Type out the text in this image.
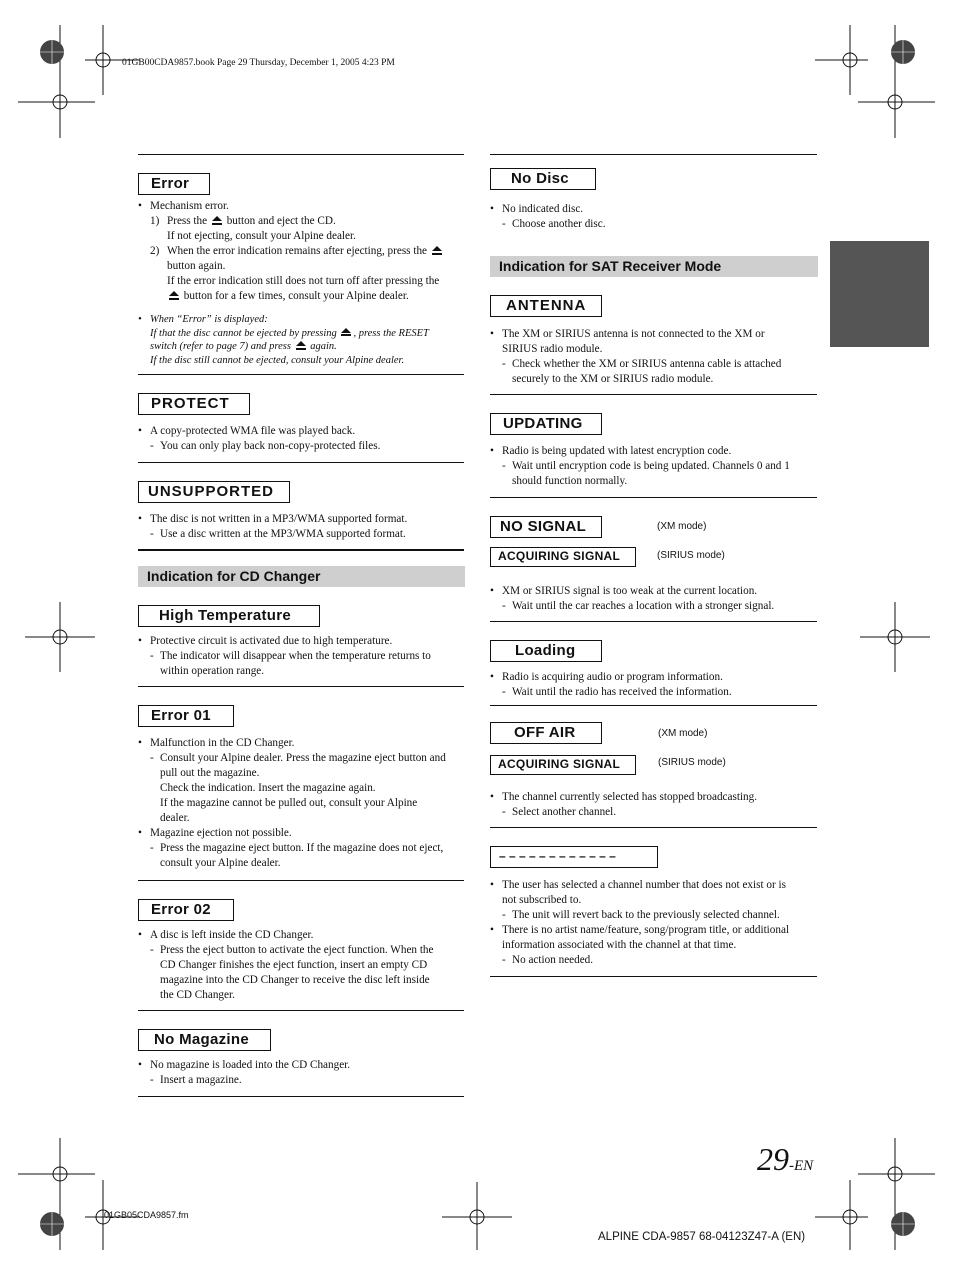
01GB00CDA9857.book Page 29 Thursday, December 1, 2005 4:23 PM
Error

• Mechanism error.

1) Press the button and eject the CD.

If not ejecting, consult your Alpine dealer.

2) When the error indication remains after ejecting, press the

button again.

If the error indication still does not turn off after pressing the

button for a few times, consult your Alpine dealer.

• When “Error” is displayed:

If that the disc cannot be ejected by pressing , press the RESET

switch (refer to page 7) and press again.

If the disc still cannot be ejected, consult your Alpine dealer.

PROTECT

• A copy-protected WMA file was played back.

- You can only play back non-copy-protected files.

UNSUPPORTED

• The disc is not written in a MP3/WMA supported format.

- Use a disc written at the MP3/WMA supported format.

Indication for CD Changer
High Temperature

• Protective circuit is activated due to high temperature.

- The indicator will disappear when the temperature returns to

within operation range.

Error 01

• Malfunction in the CD Changer.

- Consult your Alpine dealer. Press the magazine eject button and

pull out the magazine.

Check the indication. Insert the magazine again.

If the magazine cannot be pulled out, consult your Alpine

dealer.

• Magazine ejection not possible.

- Press the magazine eject button. If the magazine does not eject,

consult your Alpine dealer.

Error 02

• A disc is left inside the CD Changer.

- Press the eject button to activate the eject function. When the

CD Changer finishes the eject function, insert an empty CD

magazine into the CD Changer to receive the disc left inside

the CD Changer.

No Magazine

• No magazine is loaded into the CD Changer.

- Insert a magazine.

No Disc

• No indicated disc.

- Choose another disc.

Indication for SAT Receiver Mode
ANTENNA

• The XM or SIRIUS antenna is not connected to the XM or

SIRIUS radio module.

- Check whether the XM or SIRIUS antenna cable is attached

securely to the XM or SIRIUS radio module.

UPDATING

• Radio is being updated with latest encryption code.

- Wait until encryption code is being updated. Channels 0 and 1

should function normally.

NO SIGNAL	(XM mode)
ACQUIRING SIGNAL	(SIRIUS mode)

• XM or SIRIUS signal is too weak at the current location.

- Wait until the car reaches a location with a stronger signal.

Loading

• Radio is acquiring audio or program information.

- Wait until the radio has received the information.

OFF AIR	(XM mode)
ACQUIRING SIGNAL	(SIRIUS mode)

• The channel currently selected has stopped broadcasting.

- Select another channel.

– – – – – – – – – – – –

• The user has selected a channel number that does not exist or is

not subscribed to.

- The unit will revert back to the previously selected channel.

• There is no artist name/feature, song/program title, or additional

information associated with the channel at that time.

- No action needed.

29-EN
01GB05CDA9857.fm
ALPINE CDA-9857 68-04123Z47-A (EN)
